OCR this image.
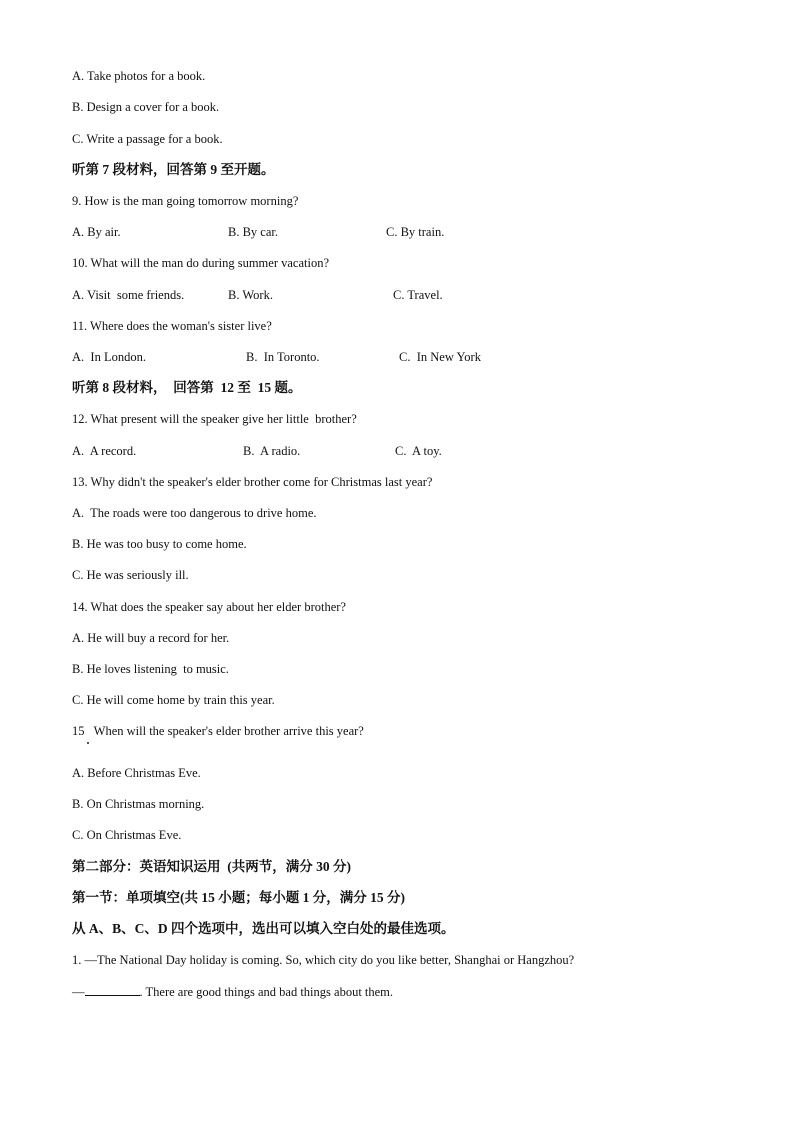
A. Take photos for a book.
B. Design a cover for a book.
C. Write a passage for a book.
听第 7 段材料，回答第 9 至开题。
9. How is the man going tomorrow morning?
A. By air.	B. By car.	C. By train.
10. What will the man do during summer vacation?
A. Visit  some friends.	B. Work.	C. Travel.
11. Where does the woman's sister live?
A.  In London.	B.  In Toronto.	C.  In New York
听第 8 段材料，  回答第  12 至  15 题。
12. What present will the speaker give her little  brother?
A.  A record.	B.  A radio.	C.  A toy.
13. Why didn't the speaker's elder brother come for Christmas last year?
A.  The roads were too dangerous to drive home.
B. He was too busy to come home.
C. He was seriously ill.
14. What does the speaker say about her elder brother?
A. He will buy a record for her.
B. He loves listening  to music.
C. He will come home by train this year.
15   When will the speaker's elder brother arrive this year?
A. Before Christmas Eve.
B. On Christmas morning.
C. On Christmas Eve.
第二部分：英语知识运用  (共两节，满分 30 分)
第一节：单项填空(共 15 小题；每小题 1 分，满分 15 分)
从 A、B、C、D 四个选项中，选出可以填入空白处的最佳选项。
1. —The National Day holiday is coming. So, which city do you like better, Shanghai or Hangzhou?
—	. There are good things and bad things about them.
